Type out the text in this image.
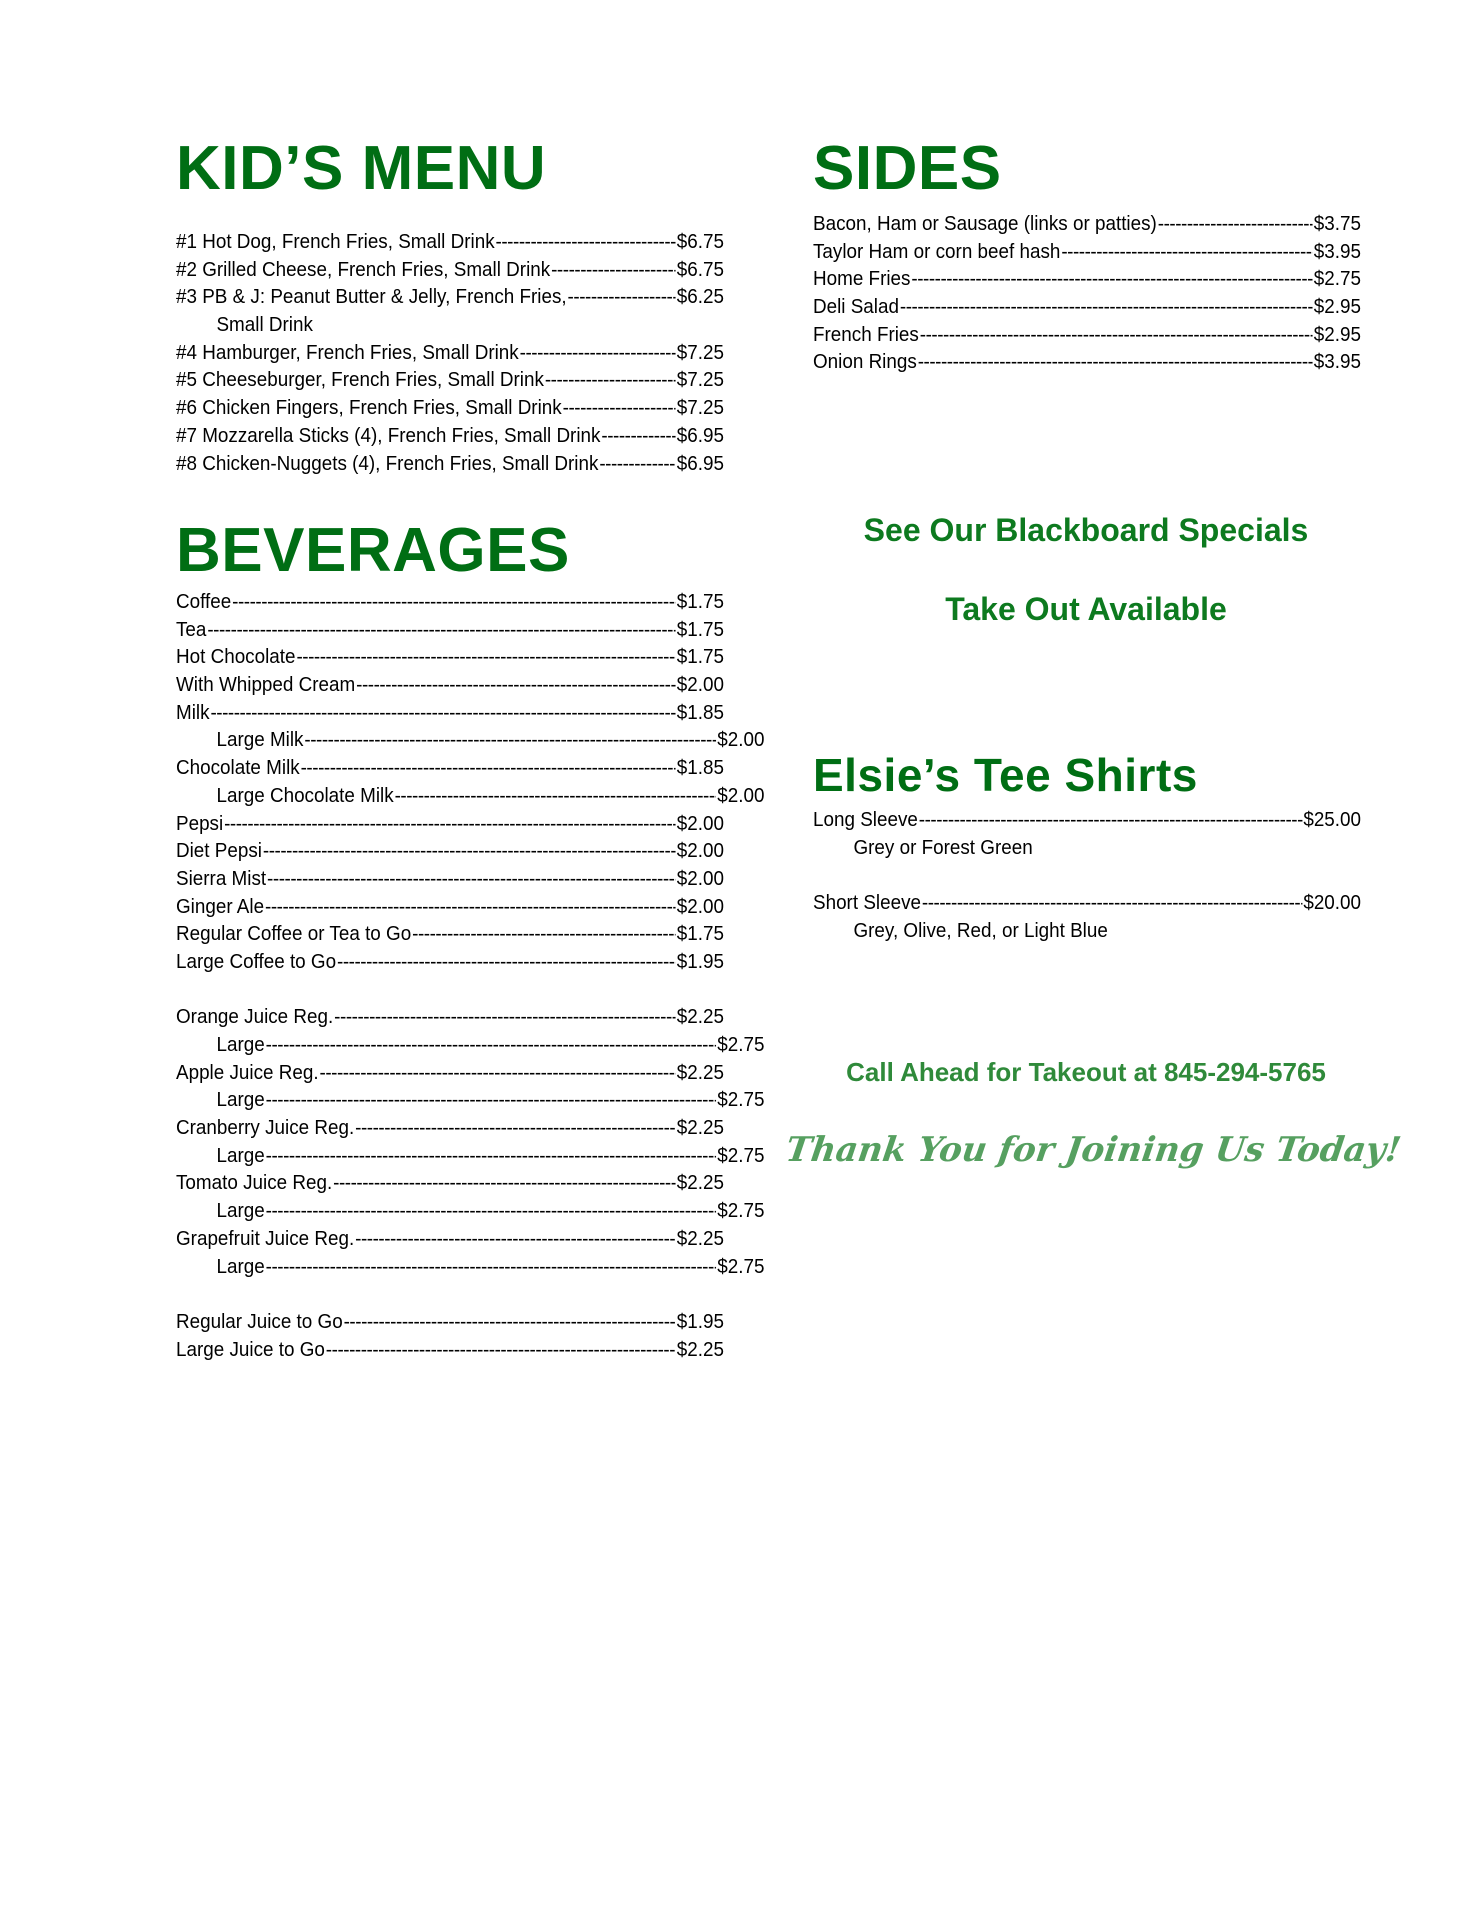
KID’S MENU
#1 Hot Dog, French Fries, Small Drink -----	$6.75
#2 Grilled Cheese, French Fries, Small Drink -----	$6.75
#3 PB & J: Peanut Butter & Jelly, French Fries, -----	$6.25
Small Drink
#4 Hamburger, French Fries, Small Drink -----	$7.25
#5 Cheeseburger, French Fries, Small Drink -----	$7.25
#6 Chicken Fingers, French Fries, Small Drink -----	$7.25
#7 Mozzarella Sticks (4), French Fries, Small Drink -----	$6.95
#8 Chicken-Nuggets (4), French Fries, Small Drink -----	$6.95
BEVERAGES
Coffee -----	$1.75
Tea -----	$1.75
Hot Chocolate -----	$1.75
With Whipped Cream -----	$2.00
Milk -----	$1.85
Large Milk -----	$2.00
Chocolate Milk -----	$1.85
Large Chocolate Milk -----	$2.00
Pepsi -----	$2.00
Diet Pepsi -----	$2.00
Sierra Mist -----	$2.00
Ginger Ale -----	$2.00
Regular Coffee or Tea to Go -----	$1.75
Large Coffee to Go -----	$1.95
Orange Juice Reg. -----	$2.25
Large -----	$2.75
Apple Juice Reg. -----	$2.25
Large -----	$2.75
Cranberry Juice Reg. -----	$2.25
Large -----	$2.75
Tomato Juice Reg. -----	$2.25
Large -----	$2.75
Grapefruit Juice Reg. -----	$2.25
Large -----	$2.75
Regular Juice to Go -----	$1.95
Large Juice to Go -----	$2.25
SIDES
Bacon, Ham or Sausage (links or patties) -----	$3.75
Taylor Ham or corn beef hash -----	$3.95
Home Fries -----	$2.75
Deli Salad -----	$2.95
French Fries -----	$2.95
Onion Rings -----	$3.95
See Our Blackboard Specials
Take Out Available
Elsie’s Tee Shirts
Long Sleeve -----	$25.00
Grey or Forest Green
Short Sleeve -----	$20.00
Grey, Olive, Red, or Light Blue
Call Ahead for Takeout at 845-294-5765
Thank You for Joining Us Today!
